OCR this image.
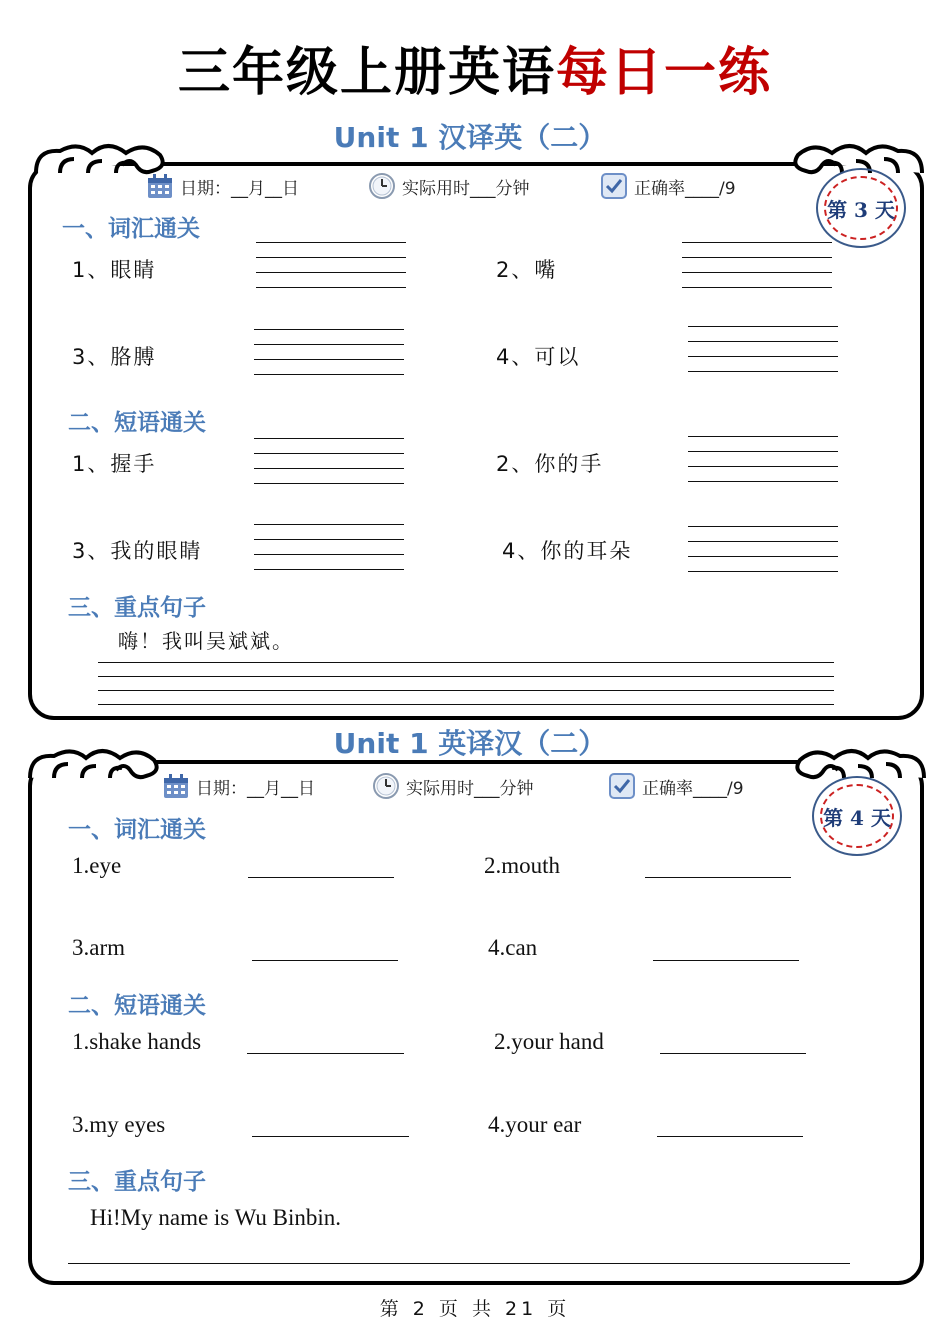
三年级上册英语每日一练
Unit 1 汉译英（二）
日期：__月__日	实际用时___分钟	正确率____/9
第 3 天
一、词汇通关
1、眼睛	2、嘴
3、胳膊	4、可以
二、短语通关
1、握手	2、你的手
3、我的眼睛	4、你的耳朵
三、重点句子
嗨！我叫吴斌斌。
Unit 1 英译汉（二）
日期：__月__日	实际用时___分钟	正确率____/9
第 4 天
一、词汇通关
1.eye	2.mouth
3.arm	4.can
二、短语通关
1.shake hands	2.your hand
3.my eyes	4.your ear
三、重点句子
Hi!My name is Wu Binbin.
第 2 页 共 21 页
